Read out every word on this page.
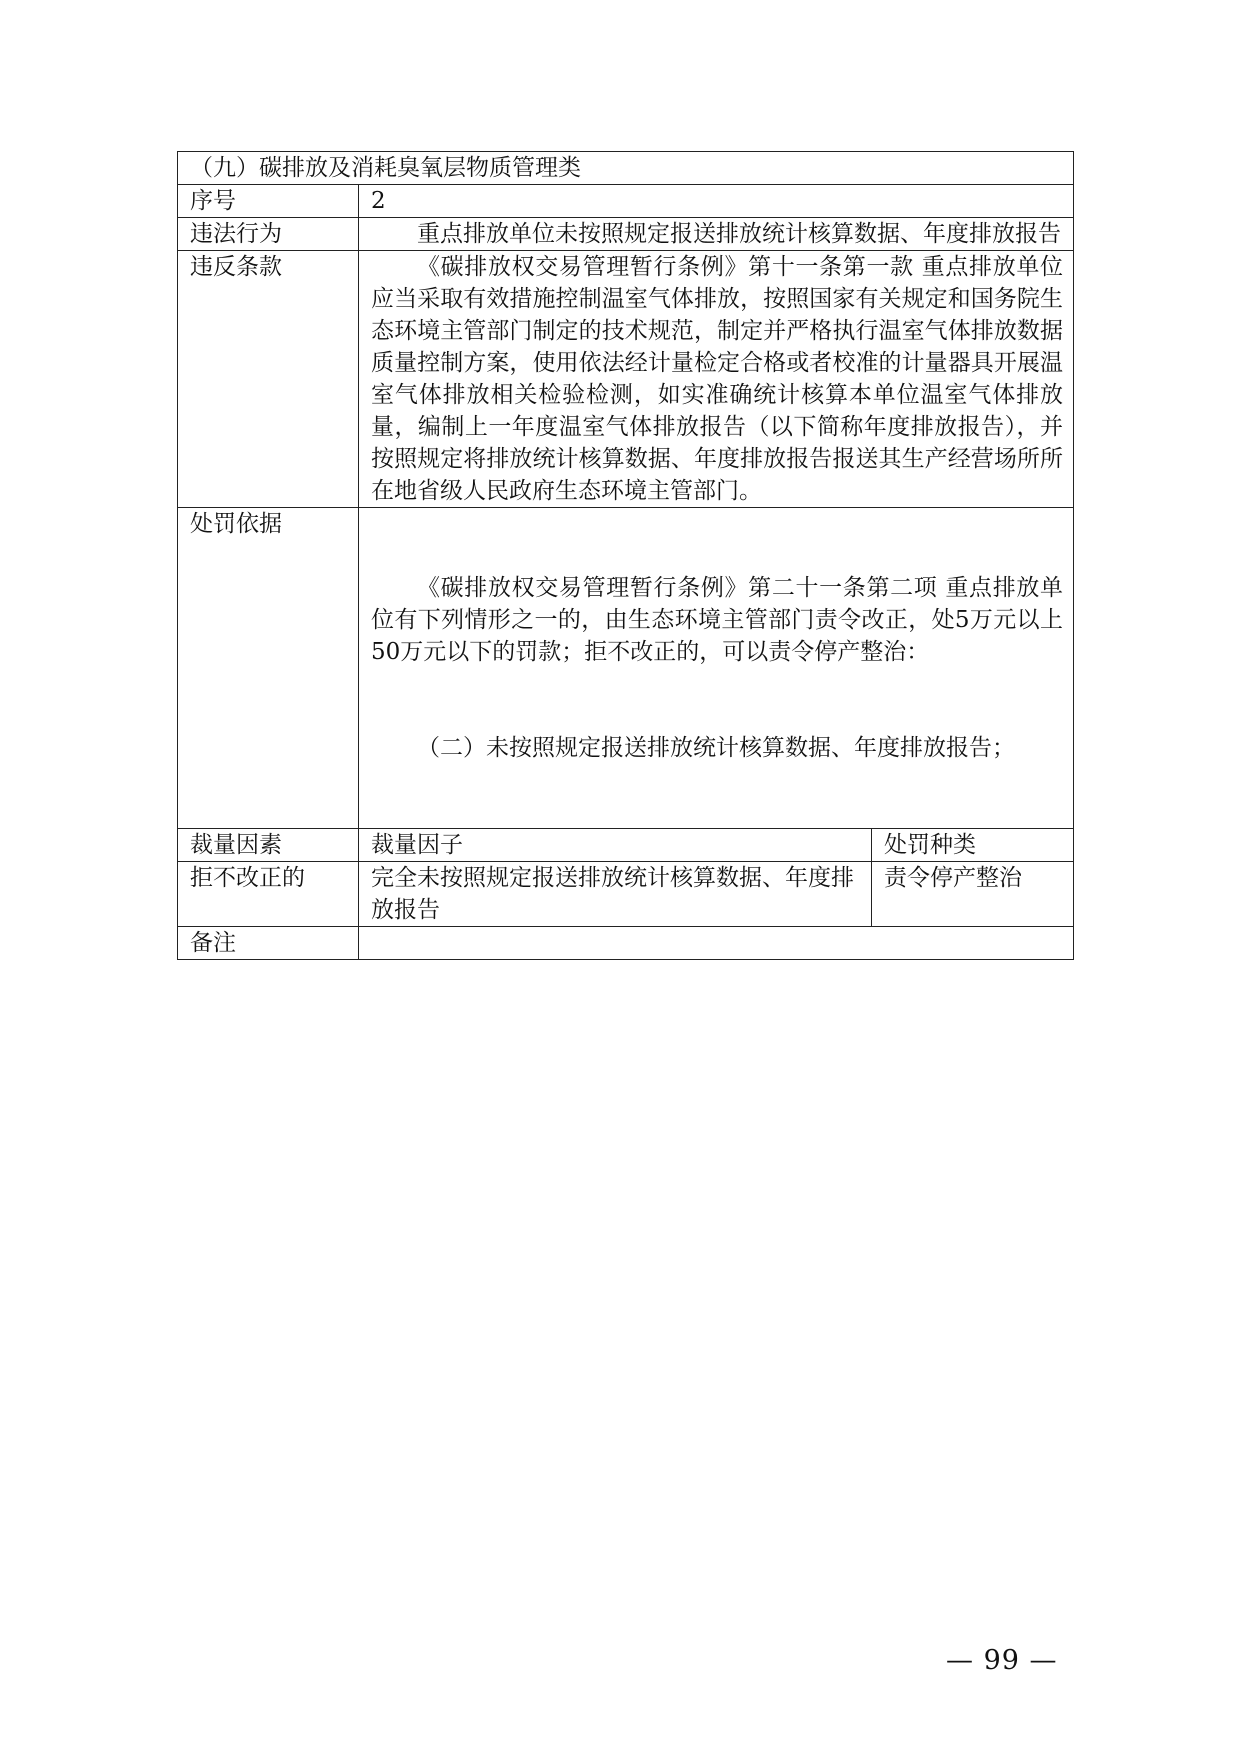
（九）碳排放及消耗臭氧层物质管理类		
序号	2	
违法行为	重点排放单位未按照规定报送排放统计核算数据、年度排放报告	

违反条款	《碳排放权交易管理暂行条例》第十一条第一款 重点排放单位应当采取有效措施控制温室气体排放，按照国家有关规定和国务院生态环境主管部门制定的技术规范，制定并严格执行温室气体排放数据质量控制方案，使用依法经计量检定合格或者校准的计量器具开展温室气体排放相关检验检测，如实准确统计核算本单位温室气体排放量，编制上一年度温室气体排放报告（以下简称年度排放报告），并按照规定将排放统计核算数据、年度排放报告报送其生产经营场所所在地省级人民政府生态环境主管部门。	

处罚依据	《碳排放权交易管理暂行条例》第二十一条第二项 重点排放单位有下列情形之一的，由生态环境主管部门责令改正，处5万元以上50万元以下的罚款；拒不改正的，可以责令停产整治：

（二）未按照规定报送排放统计核算数据、年度排放报告；	

裁量因素	裁量因子	处罚种类
拒不改正的	完全未按照规定报送排放统计核算数据、年度排放报告	责令停产整治
备注		
— 99 —
